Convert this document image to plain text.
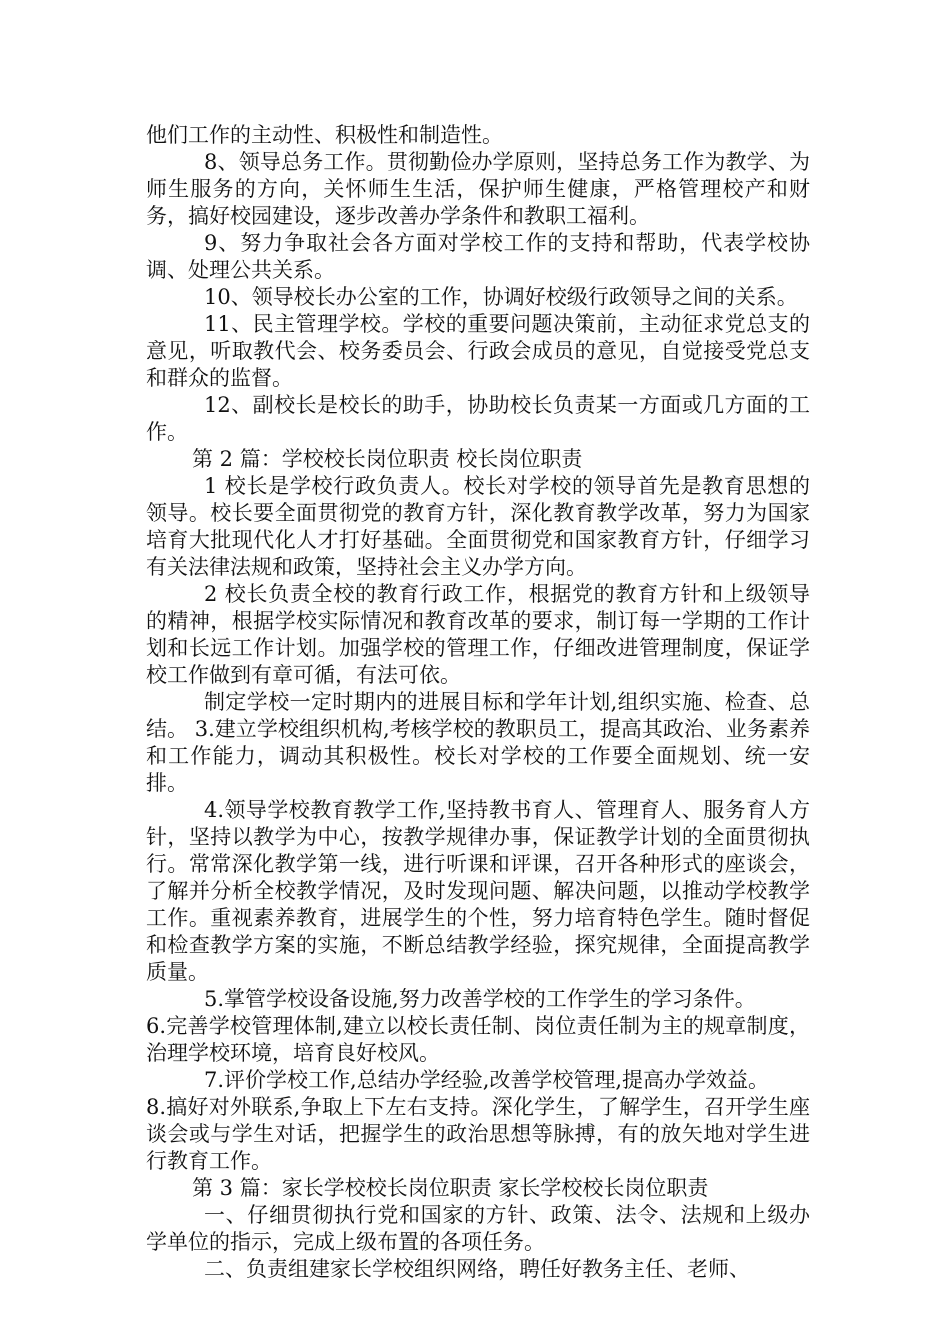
他们工作的主动性、积极性和制造性。

8、领导总务工作。贯彻勤俭办学原则，坚持总务工作为教学、为师生服务的方向，关怀师生生活，保护师生健康，严格管理校产和财务，搞好校园建设，逐步改善办学条件和教职工福利。

9、努力争取社会各方面对学校工作的支持和帮助，代表学校协调、处理公共关系。

10、领导校长办公室的工作，协调好校级行政领导之间的关系。

11、民主管理学校。学校的重要问题决策前，主动征求党总支的意见，听取教代会、校务委员会、行政会成员的意见，自觉接受党总支和群众的监督。

12、副校长是校长的助手，协助校长负责某一方面或几方面的工作。

第 2 篇：学校校长岗位职责 校长岗位职责

1 校长是学校行政负责人。校长对学校的领导首先是教育思想的领导。校长要全面贯彻党的教育方针，深化教育教学改革，努力为国家培育大批现代化人才打好基础。全面贯彻党和国家教育方针，仔细学习有关法律法规和政策，坚持社会主义办学方向。

2 校长负责全校的教育行政工作，根据党的教育方针和上级领导的精神，根据学校实际情况和教育改革的要求，制订每一学期的工作计划和长远工作计划。加强学校的管理工作，仔细改进管理制度，保证学校工作做到有章可循，有法可依。

制定学校一定时期内的进展目标和学年计划,组织实施、检查、总结。 3.建立学校组织机构,考核学校的教职员工，提高其政治、业务素养和工作能力，调动其积极性。校长对学校的工作要全面规划、统一安排。

4.领导学校教育教学工作,坚持教书育人、管理育人、服务育人方针，坚持以教学为中心，按教学规律办事，保证教学计划的全面贯彻执行。常常深化教学第一线，进行听课和评课，召开各种形式的座谈会，了解并分析全校教学情况，及时发现问题、解决问题，以推动学校教学工作。重视素养教育，进展学生的个性，努力培育特色学生。随时督促和检查教学方案的实施，不断总结教学经验，探究规律，全面提高教学质量。

5.掌管学校设备设施,努力改善学校的工作学生的学习条件。

6.完善学校管理体制,建立以校长责任制、岗位责任制为主的规章制度，治理学校环境，培育良好校风。

7.评价学校工作,总结办学经验,改善学校管理,提高办学效益。

8.搞好对外联系,争取上下左右支持。深化学生，了解学生，召开学生座谈会或与学生对话，把握学生的政治思想等脉搏，有的放矢地对学生进行教育工作。

第 3 篇：家长学校校长岗位职责 家长学校校长岗位职责

一、仔细贯彻执行党和国家的方针、政策、法令、法规和上级办学单位的指示，完成上级布置的各项任务。

二、负责组建家长学校组织网络，聘任好教务主任、老师、
